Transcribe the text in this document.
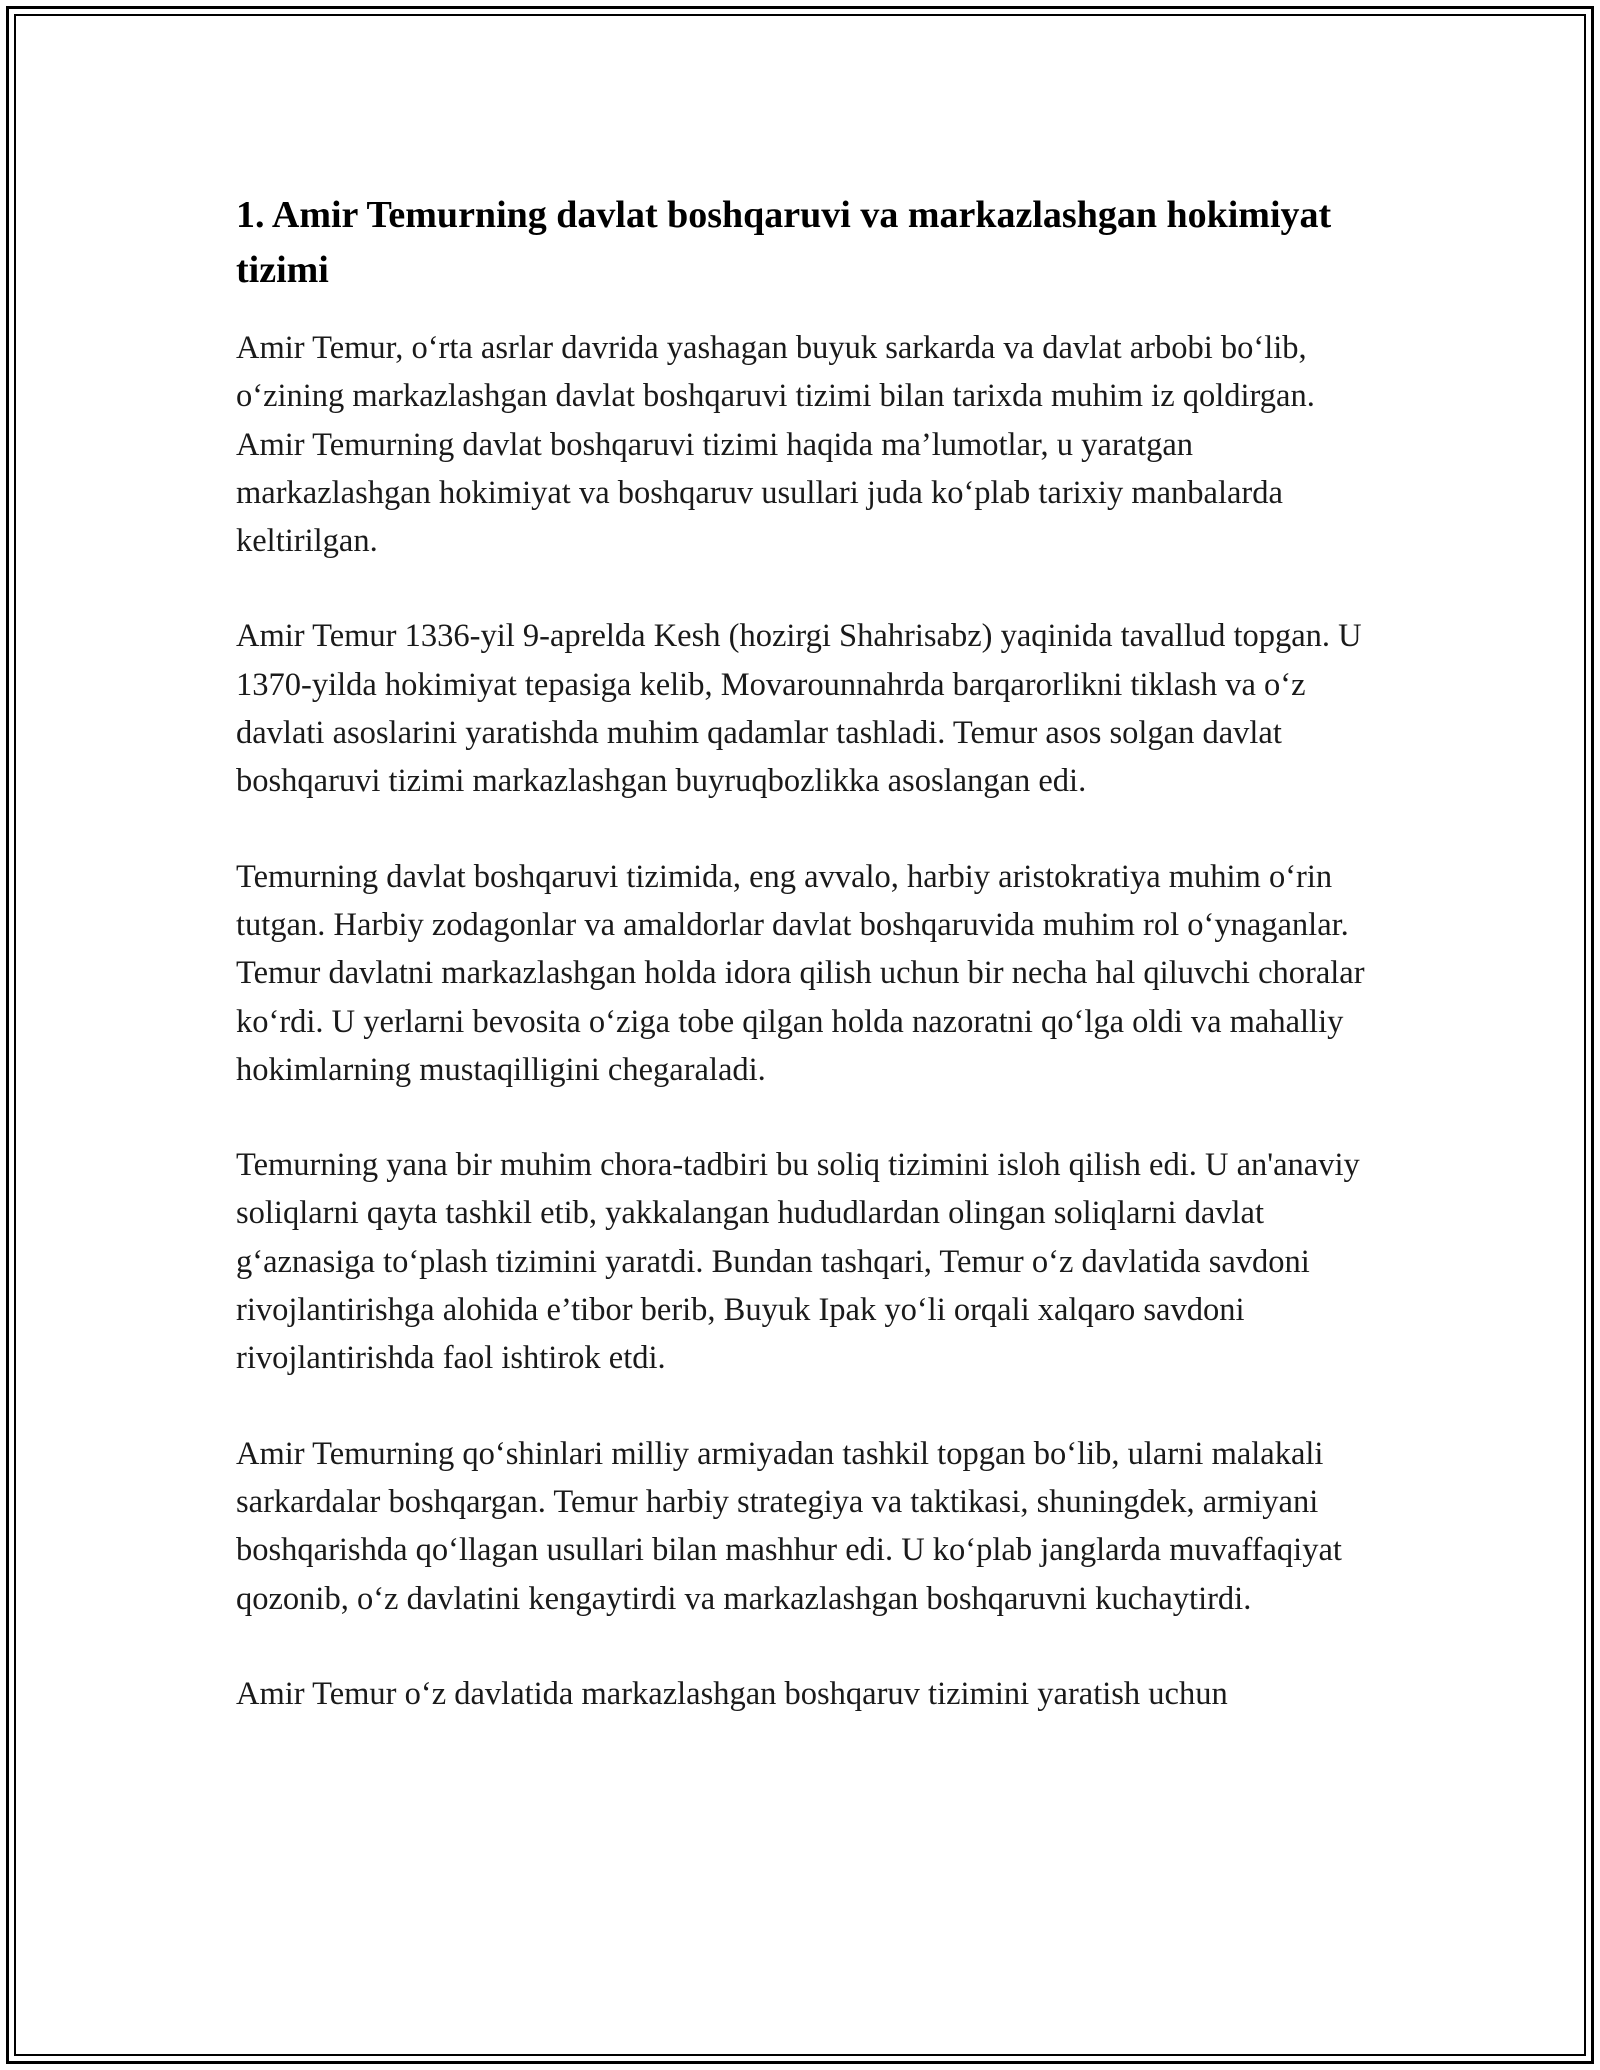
1. Amir Temurning davlat boshqaruvi va markazlashgan hokimiyat tizimi

Amir Temur, o‘rta asrlar davrida yashagan buyuk sarkarda va davlat arbobi bo‘lib, o‘zining markazlashgan davlat boshqaruvi tizimi bilan tarixda muhim iz qoldirgan. Amir Temurning davlat boshqaruvi tizimi haqida ma’lumotlar, u yaratgan markazlashgan hokimiyat va boshqaruv usullari juda ko‘plab tarixiy manbalarda keltirilgan.

Amir Temur 1336-yil 9-aprelda Kesh (hozirgi Shahrisabz) yaqinida tavallud topgan. U 1370-yilda hokimiyat tepasiga kelib, Movarounnahrda barqarorlikni tiklash va o‘z davlati asoslarini yaratishda muhim qadamlar tashladi. Temur asos solgan davlat boshqaruvi tizimi markazlashgan buyruqbozlikka asoslangan edi.

Temurning davlat boshqaruvi tizimida, eng avvalo, harbiy aristokratiya muhim o‘rin tutgan. Harbiy zodagonlar va amaldorlar davlat boshqaruvida muhim rol o‘ynaganlar. Temur davlatni markazlashgan holda idora qilish uchun bir necha hal qiluvchi choralar ko‘rdi. U yerlarni bevosita o‘ziga tobe qilgan holda nazoratni qo‘lga oldi va mahalliy hokimlarning mustaqilligini chegaraladi.

Temurning yana bir muhim chora-tadbiri bu soliq tizimini isloh qilish edi. U an'anaviy soliqlarni qayta tashkil etib, yakkalangan hududlardan olingan soliqlarni davlat g‘aznasiga to‘plash tizimini yaratdi. Bundan tashqari, Temur o‘z davlatida savdoni rivojlantirishga alohida e’tibor berib, Buyuk Ipak yo‘li orqali xalqaro savdoni rivojlantirishda faol ishtirok etdi.

Amir Temurning qo‘shinlari milliy armiyadan tashkil topgan bo‘lib, ularni malakali sarkardalar boshqargan. Temur harbiy strategiya va taktikasi, shuningdek, armiyani boshqarishda qo‘llagan usullari bilan mashhur edi. U ko‘plab janglarda muvaffaqiyat qozonib, o‘z davlatini kengaytirdi va markazlashgan boshqaruvni kuchaytirdi.

Amir Temur o‘z davlatida markazlashgan boshqaruv tizimini yaratish uchun
